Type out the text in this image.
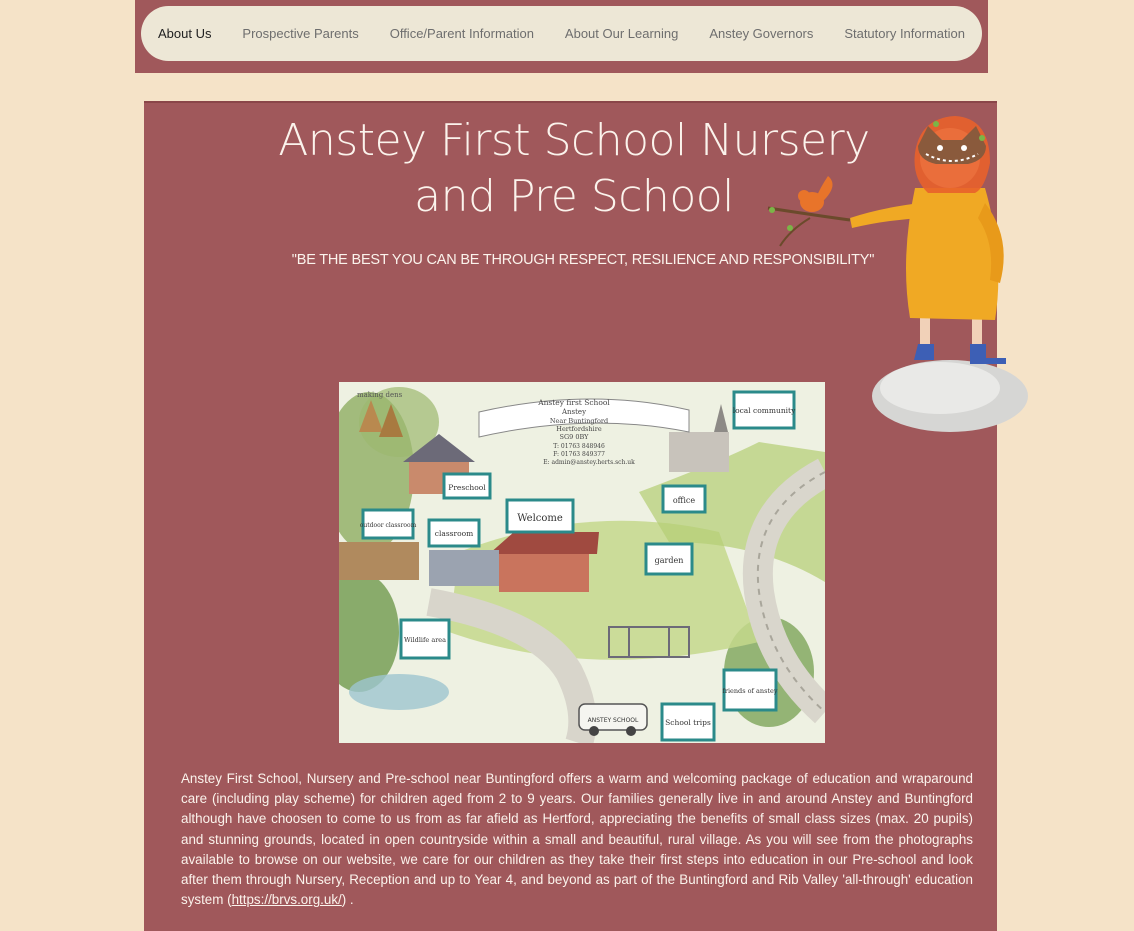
About Us Prospective Parents Office/Parent Information About Our Learning Anstey Governors Statutory Information
Anstey First School Nursery
and Pre School
"BE THE BEST YOU CAN BE THROUGH RESPECT, RESILIENCE AND RESPONSIBILITY"
Anstey first School
Anstey
Near Buntingford
Hertfordshire
SG9 0BY
T: 01763 848946
F: 01763 849377
E: admin@anstey.herts.sch.uk
making dens
local community
Preschool
outdoor classroom
classroom
Welcome
office
garden
Wildlife area
friends of anstey
School trips
ANSTEY SCHOOL
Anstey First School, Nursery and Pre-school near Buntingford offers a warm and welcoming package of education and wraparound care (including play scheme) for children aged from 2 to 9 years. Our families generally live in and around Anstey and Buntingford although have choosen to come to us from as far afield as Hertford, appreciating the benefits of small class sizes (max. 20 pupils) and stunning grounds, located in open countryside within a small and beautiful, rural village. As you will see from the photographs available to browse on our website, we care for our children as they take their first steps into education in our Pre-school and look after them through Nursery, Reception and up to Year 4, and beyond as part of the Buntingford and Rib Valley 'all-through' education system (https://brvs.org.uk/) .
